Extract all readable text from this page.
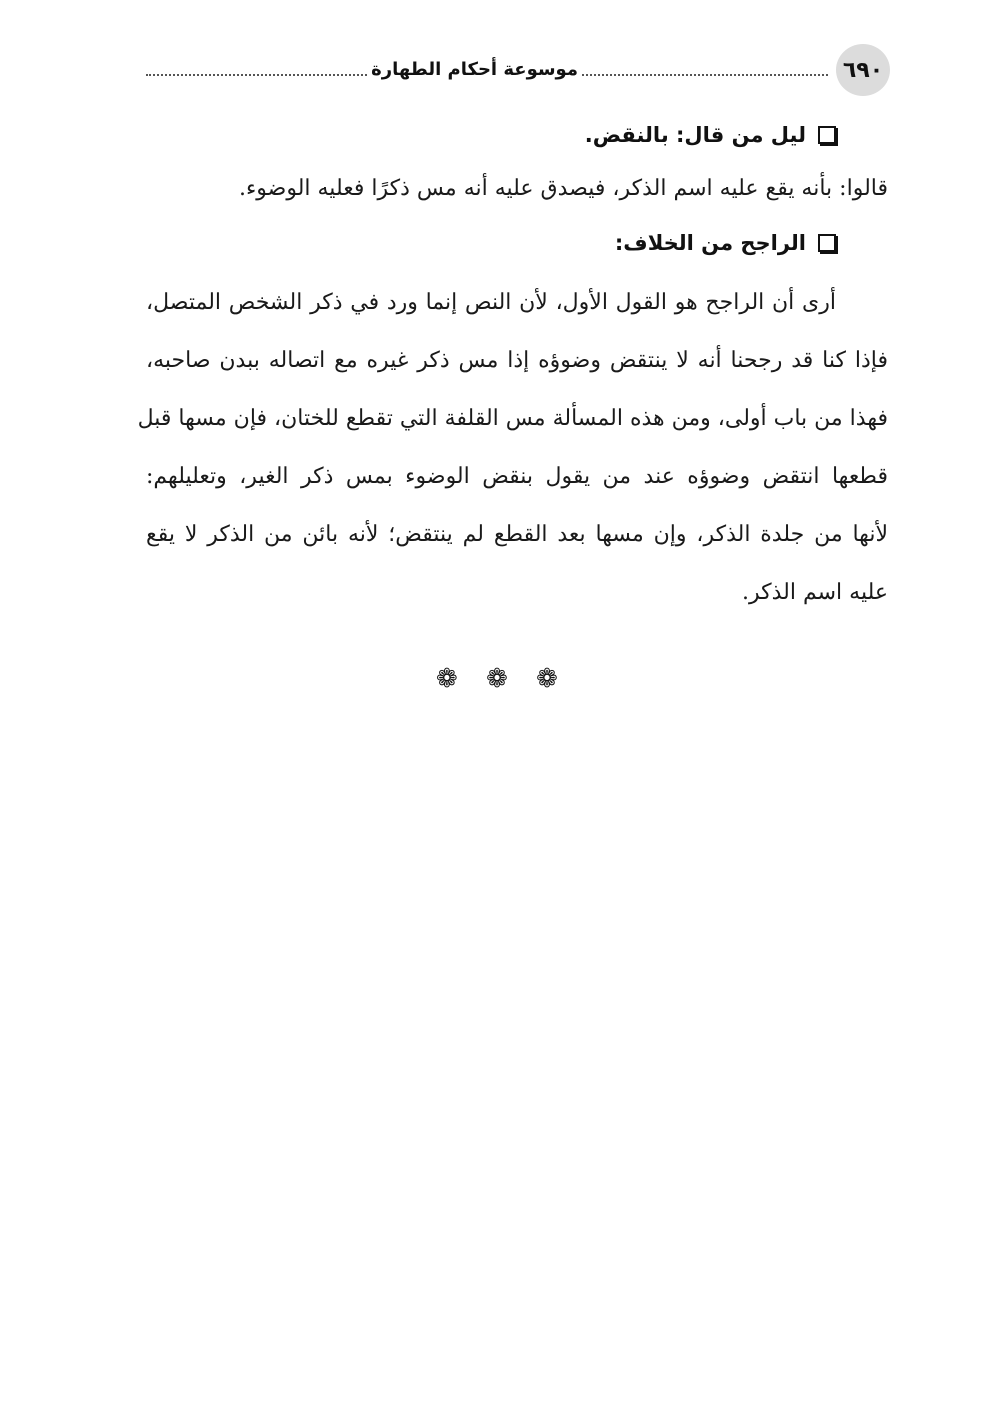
٦٩٠
موسوعة أحكام الطهارة
ليل من قال: بالنقض.
قالوا: بأنه يقع عليه اسم الذكر، فيصدق عليه أنه مس ذكرًا فعليه الوضوء.
الراجح من الخلاف:
أرى أن الراجح هو القول الأول، لأن النص إنما ورد في ذكر الشخص المتصل،
فإذا كنا قد رجحنا أنه لا ينتقض وضوؤه إذا مس ذكر غيره مع اتصاله ببدن صاحبه،
فهذا من باب أولى، ومن هذه المسألة مس القلفة التي تقطع للختان، فإن مسها قبل
قطعها انتقض وضوؤه عند من يقول بنقض الوضوء بمس ذكر الغير، وتعليلهم:
لأنها من جلدة الذكر، وإن مسها بعد القطع لم ينتقض؛ لأنه بائن من الذكر لا يقع
عليه اسم الذكر.
❁ ❁ ❁
